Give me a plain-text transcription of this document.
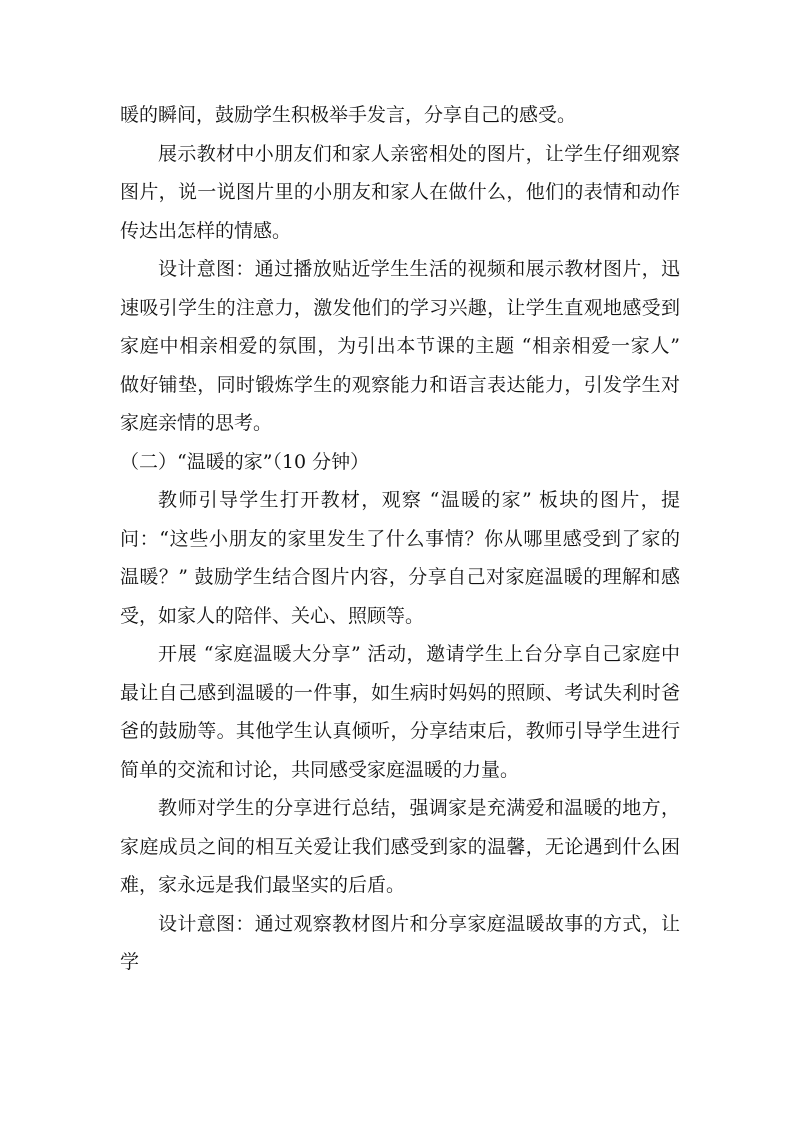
暖的瞬间，鼓励学生积极举手发言，分享自己的感受。

展示教材中小朋友们和家人亲密相处的图片，让学生仔细观察图片，说一说图片里的小朋友和家人在做什么，他们的表情和动作传达出怎样的情感。

设计意图：通过播放贴近学生生活的视频和展示教材图片，迅速吸引学生的注意力，激发他们的学习兴趣，让学生直观地感受到家庭中相亲相爱的氛围，为引出本节课的主题 “相亲相爱一家人” 做好铺垫，同时锻炼学生的观察能力和语言表达能力，引发学生对家庭亲情的思考。

（二）“温暖的家”（10 分钟）

教师引导学生打开教材，观察 “温暖的家” 板块的图片，提问：“这些小朋友的家里发生了什么事情？你从哪里感受到了家的温暖？” 鼓励学生结合图片内容，分享自己对家庭温暖的理解和感受，如家人的陪伴、关心、照顾等。

开展 “家庭温暖大分享” 活动，邀请学生上台分享自己家庭中最让自己感到温暖的一件事，如生病时妈妈的照顾、考试失利时爸爸的鼓励等。其他学生认真倾听，分享结束后，教师引导学生进行简单的交流和讨论，共同感受家庭温暖的力量。

教师对学生的分享进行总结，强调家是充满爱和温暖的地方，家庭成员之间的相互关爱让我们感受到家的温馨，无论遇到什么困难，家永远是我们最坚实的后盾。

设计意图：通过观察教材图片和分享家庭温暖故事的方式，让学
